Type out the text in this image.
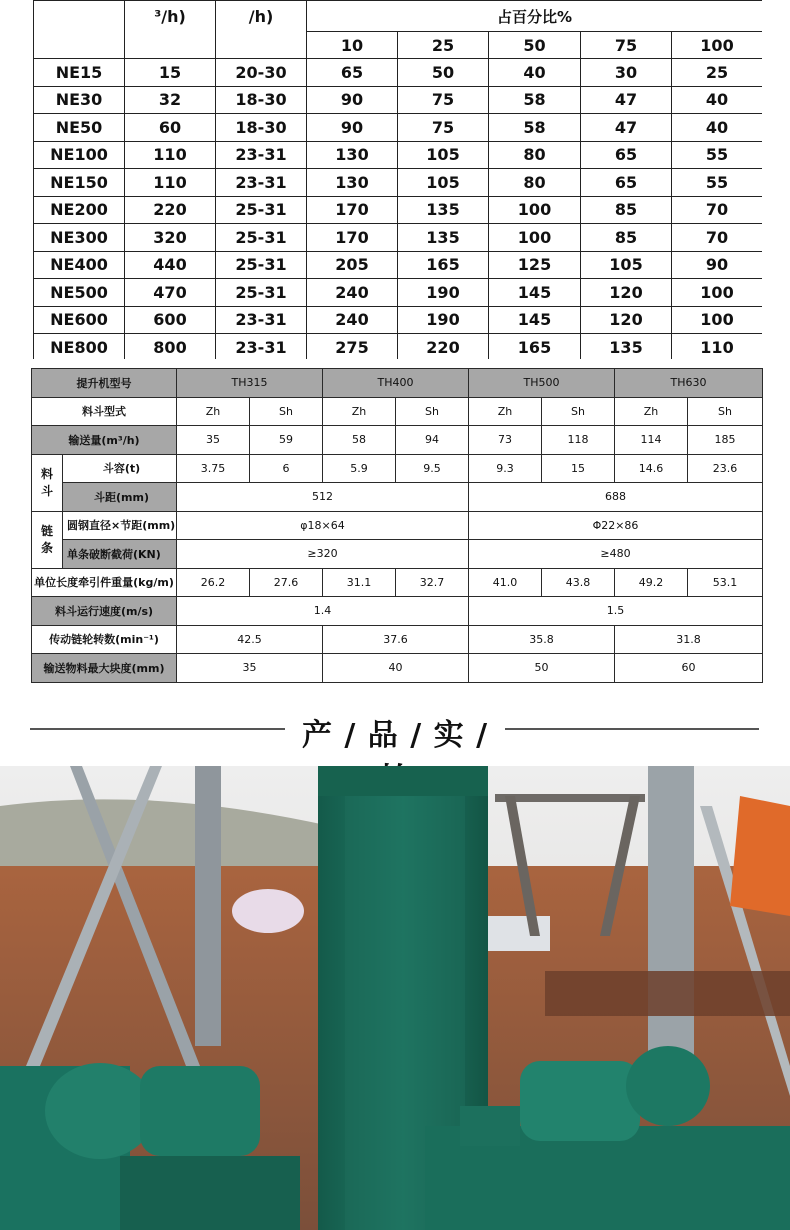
	³/h)	/h)	占百分比%				
			10	25	50	75	100
NE15	15	20-30	65	50	40	30	25
NE30	32	18-30	90	75	58	47	40
NE50	60	18-30	90	75	58	47	40
NE100	110	23-31	130	105	80	65	55
NE150	110	23-31	130	105	80	65	55
NE200	220	25-31	170	135	100	85	70
NE300	320	25-31	170	135	100	85	70
NE400	440	25-31	205	165	125	105	90
NE500	470	25-31	240	190	145	120	100
NE600	600	23-31	240	190	145	120	100
NE800	800	23-31	275	220	165	135	110
提升机型号		TH315		TH400		TH500		TH630	
料斗型式		Zh	Sh	Zh	Sh	Zh	Sh	Zh	Sh
输送量(m³/h)		35	59	58	94	73	118	114	185
料斗	斗容(t)	3.75	6	5.9	9.5	9.3	15	14.6	23.6
	斗距(mm)	512				688			
链条	圆钢直径×节距(mm)	φ18×64				Φ22×86			
	单条破断截荷(KN)	≥320				≥480			
单位长度牵引件重量(kg/m)		26.2	27.6	31.1	32.7	41.0	43.8	49.2	53.1
料斗运行速度(m/s)		1.4				1.5			
传动链轮转数(min⁻¹)		42.5		37.6		35.8		31.8	
输送物料最大块度(mm)		35		40		50		60	
产 / 品 / 实 /
